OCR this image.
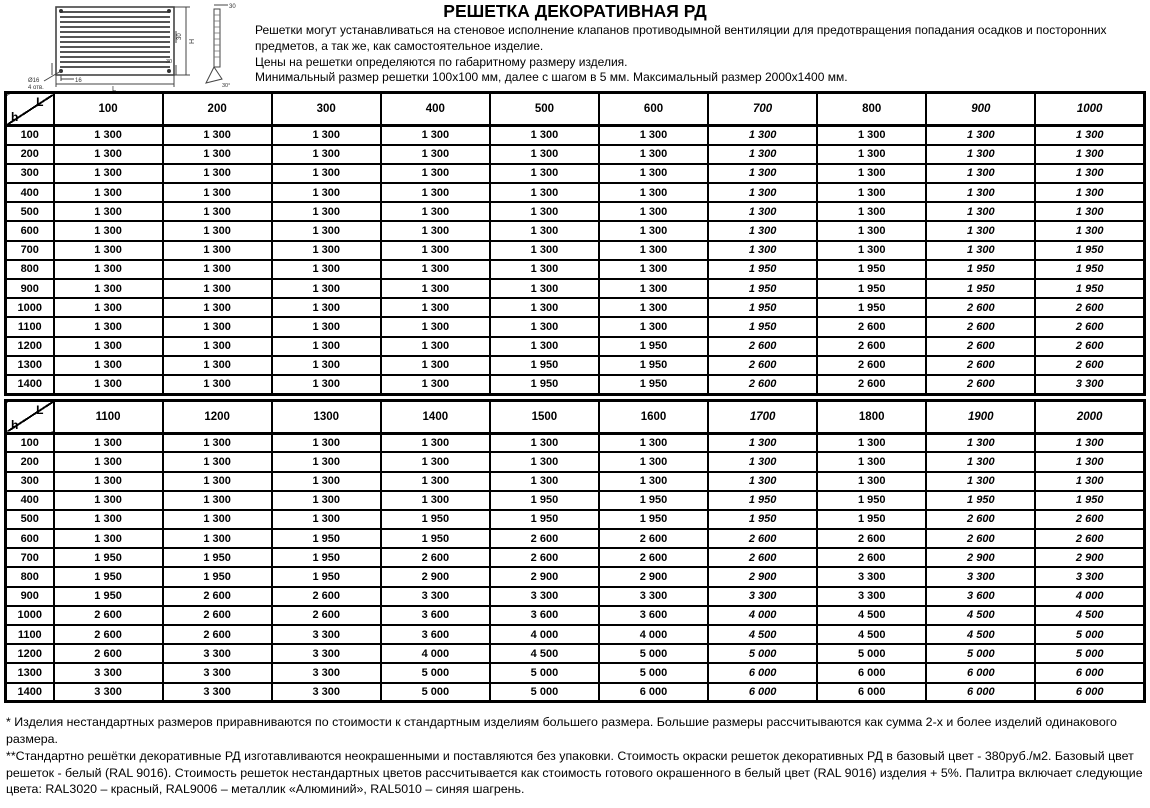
Ø16
4 отв.
16
L
30
H
30
30
30°
РЕШЕТКА ДЕКОРАТИВНАЯ РД
Решетки могут устанавливаться на стеновое исполнение клапанов противодымной вентиляции для предотвращения попадания осадков и посторонних предметов, а так же, как самостоятельное изделие.
Цены на решетки определяются по габаритному размеру изделия.
Минимальный размер решетки 100x100 мм, далее с шагом в 5 мм. Максимальный размер 2000x1400 мм.
L
h	100	200	300	400	500	600	700	800	900	1000
100	1 300	1 300	1 300	1 300	1 300	1 300	1 300	1 300	1 300	1 300
200	1 300	1 300	1 300	1 300	1 300	1 300	1 300	1 300	1 300	1 300
300	1 300	1 300	1 300	1 300	1 300	1 300	1 300	1 300	1 300	1 300
400	1 300	1 300	1 300	1 300	1 300	1 300	1 300	1 300	1 300	1 300
500	1 300	1 300	1 300	1 300	1 300	1 300	1 300	1 300	1 300	1 300
600	1 300	1 300	1 300	1 300	1 300	1 300	1 300	1 300	1 300	1 300
700	1 300	1 300	1 300	1 300	1 300	1 300	1 300	1 300	1 300	1 950
800	1 300	1 300	1 300	1 300	1 300	1 300	1 950	1 950	1 950	1 950
900	1 300	1 300	1 300	1 300	1 300	1 300	1 950	1 950	1 950	1 950
1000	1 300	1 300	1 300	1 300	1 300	1 300	1 950	1 950	2 600	2 600
1100	1 300	1 300	1 300	1 300	1 300	1 300	1 950	2 600	2 600	2 600
1200	1 300	1 300	1 300	1 300	1 300	1 950	2 600	2 600	2 600	2 600
1300	1 300	1 300	1 300	1 300	1 950	1 950	2 600	2 600	2 600	2 600
1400	1 300	1 300	1 300	1 300	1 950	1 950	2 600	2 600	2 600	3 300
L
h	1100	1200	1300	1400	1500	1600	1700	1800	1900	2000
100	1 300	1 300	1 300	1 300	1 300	1 300	1 300	1 300	1 300	1 300
200	1 300	1 300	1 300	1 300	1 300	1 300	1 300	1 300	1 300	1 300
300	1 300	1 300	1 300	1 300	1 300	1 300	1 300	1 300	1 300	1 300
400	1 300	1 300	1 300	1 300	1 950	1 950	1 950	1 950	1 950	1 950
500	1 300	1 300	1 300	1 950	1 950	1 950	1 950	1 950	2 600	2 600
600	1 300	1 300	1 950	1 950	2 600	2 600	2 600	2 600	2 600	2 600
700	1 950	1 950	1 950	2 600	2 600	2 600	2 600	2 600	2 900	2 900
800	1 950	1 950	1 950	2 900	2 900	2 900	2 900	3 300	3 300	3 300
900	1 950	2 600	2 600	3 300	3 300	3 300	3 300	3 300	3 600	4 000
1000	2 600	2 600	2 600	3 600	3 600	3 600	4 000	4 500	4 500	4 500
1100	2 600	2 600	3 300	3 600	4 000	4 000	4 500	4 500	4 500	5 000
1200	2 600	3 300	3 300	4 000	4 500	5 000	5 000	5 000	5 000	5 000
1300	3 300	3 300	3 300	5 000	5 000	5 000	6 000	6 000	6 000	6 000
1400	3 300	3 300	3 300	5 000	5 000	6 000	6 000	6 000	6 000	6 000

* Изделия нестандартных размеров приравниваются по стоимости к стандартным изделиям большего размера. Большие размеры рассчитываются как сумма 2-х и более изделий одинакового размера.

**Стандартно решётки декоративные РД изготавливаются неокрашенными и поставляются без упаковки. Стоимость окраски решеток декоративных РД в базовый цвет - 380руб./м2. Базовый цвет решеток - белый (RAL 9016). Стоимость решеток нестандартных цветов рассчитывается как стоимость готового окрашенного в белый цвет (RAL 9016) изделия + 5%. Палитра включает следующие цвета: RAL3020 – красный, RAL9006 – металлик «Алюминий», RAL5010 – синяя шагрень.
